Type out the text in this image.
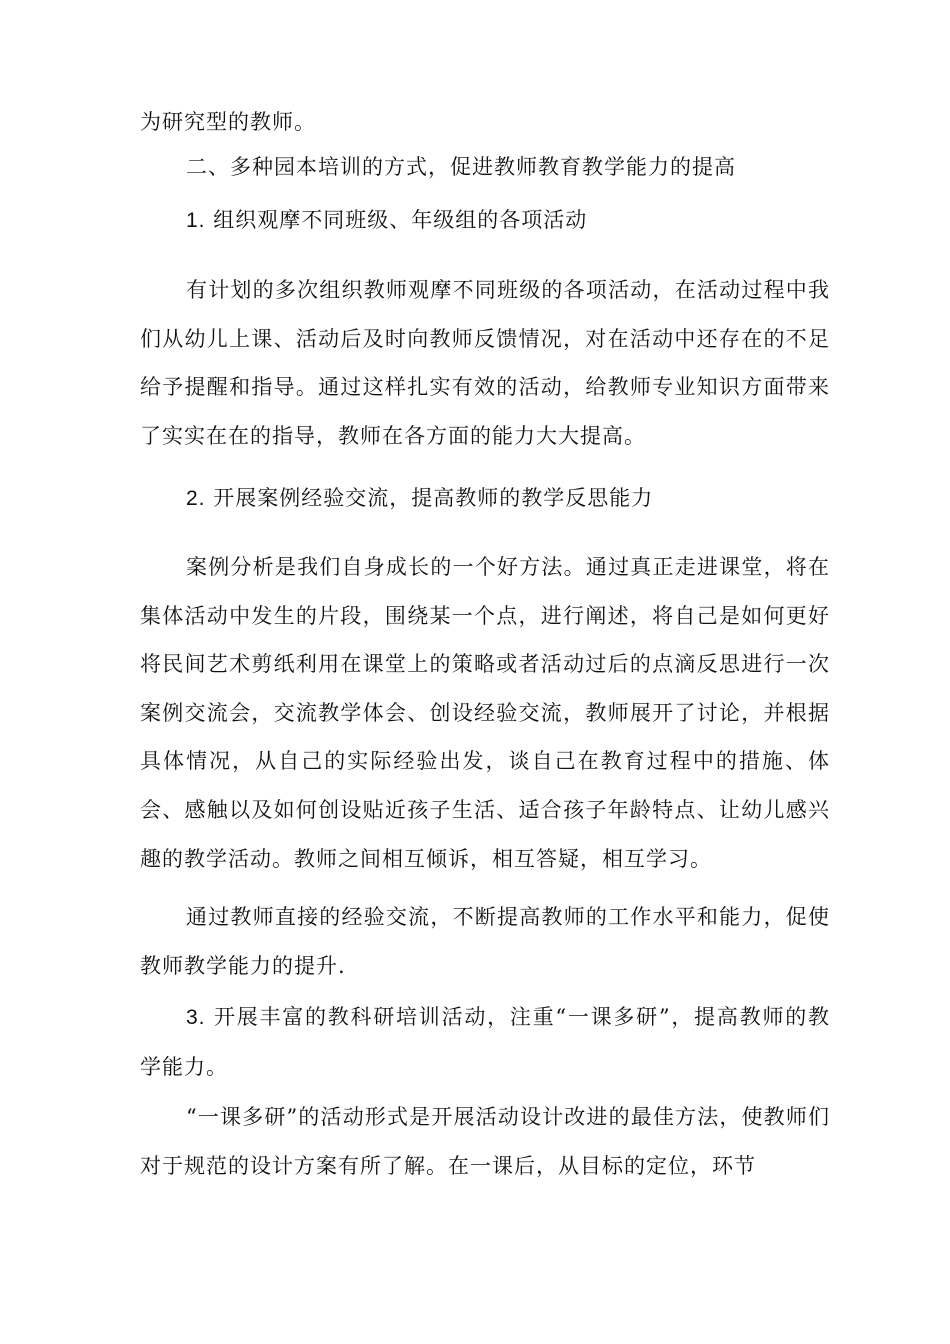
为研究型的教师。

二、多种园本培训的方式，促进教师教育教学能力的提高

1. 组织观摩不同班级、年级组的各项活动

有计划的多次组织教师观摩不同班级的各项活动，在活动过程中我们从幼儿上课、活动后及时向教师反馈情况，对在活动中还存在的不足给予提醒和指导。通过这样扎实有效的活动，给教师专业知识方面带来了实实在在的指导，教师在各方面的能力大大提高。

2. 开展案例经验交流，提高教师的教学反思能力

案例分析是我们自身成长的一个好方法。通过真正走进课堂，将在集体活动中发生的片段，围绕某一个点，进行阐述，将自己是如何更好将民间艺术剪纸利用在课堂上的策略或者活动过后的点滴反思进行一次案例交流会，交流教学体会、创设经验交流，教师展开了讨论，并根据具体情况，从自己的实际经验出发，谈自己在教育过程中的措施、体会、感触以及如何创设贴近孩子生活、适合孩子年龄特点、让幼儿感兴趣的教学活动。教师之间相互倾诉，相互答疑，相互学习。

通过教师直接的经验交流，不断提高教师的工作水平和能力，促使教师教学能力的提升.

3. 开展丰富的教科研培训活动，注重“一课多研”，提高教师的教学能力。

“一课多研”的活动形式是开展活动设计改进的最佳方法，使教师们对于规范的设计方案有所了解。在一课后，从目标的定位，环节
